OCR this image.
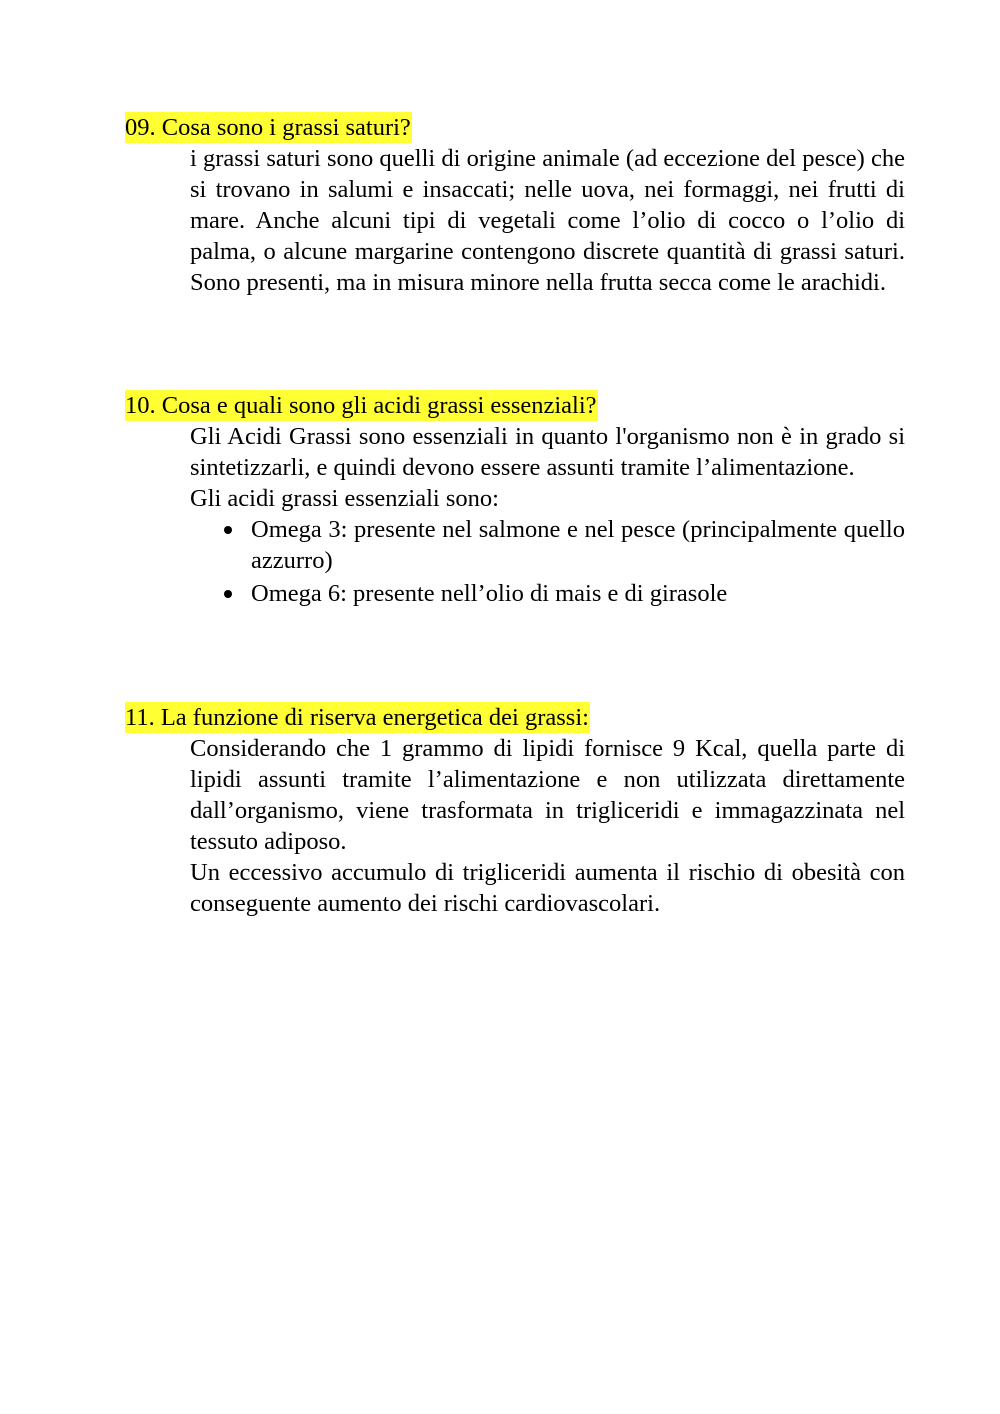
09. Cosa sono i grassi saturi?

i grassi saturi sono quelli di origine animale (ad eccezione del pesce) che si trovano in salumi e insaccati; nelle uova, nei formaggi, nei frutti di mare. Anche alcuni tipi di vegetali come l’olio di cocco o l’olio di palma, o alcune margarine contengono discrete quantità di grassi saturi. Sono presenti, ma in misura minore nella frutta secca come le arachidi.

10. Cosa e quali sono gli acidi grassi essenziali?

Gli Acidi Grassi sono essenziali in quanto l'organismo non è in grado si sintetizzarli, e quindi devono essere assunti tramite l’alimentazione.

Gli acidi grassi essenziali sono:

Omega 3: presente nel salmone e nel pesce (principalmente quello azzurro)
Omega 6: presente nell’olio di mais e di girasole
11. La funzione di riserva energetica dei grassi:

Considerando che 1 grammo di lipidi fornisce 9 Kcal, quella parte di lipidi assunti tramite l’alimentazione e non utilizzata direttamente dall’organismo, viene trasformata in trigliceridi e immagazzinata nel tessuto adiposo.

Un eccessivo accumulo di trigliceridi aumenta il rischio di obesità con conseguente aumento dei rischi cardiovascolari.
